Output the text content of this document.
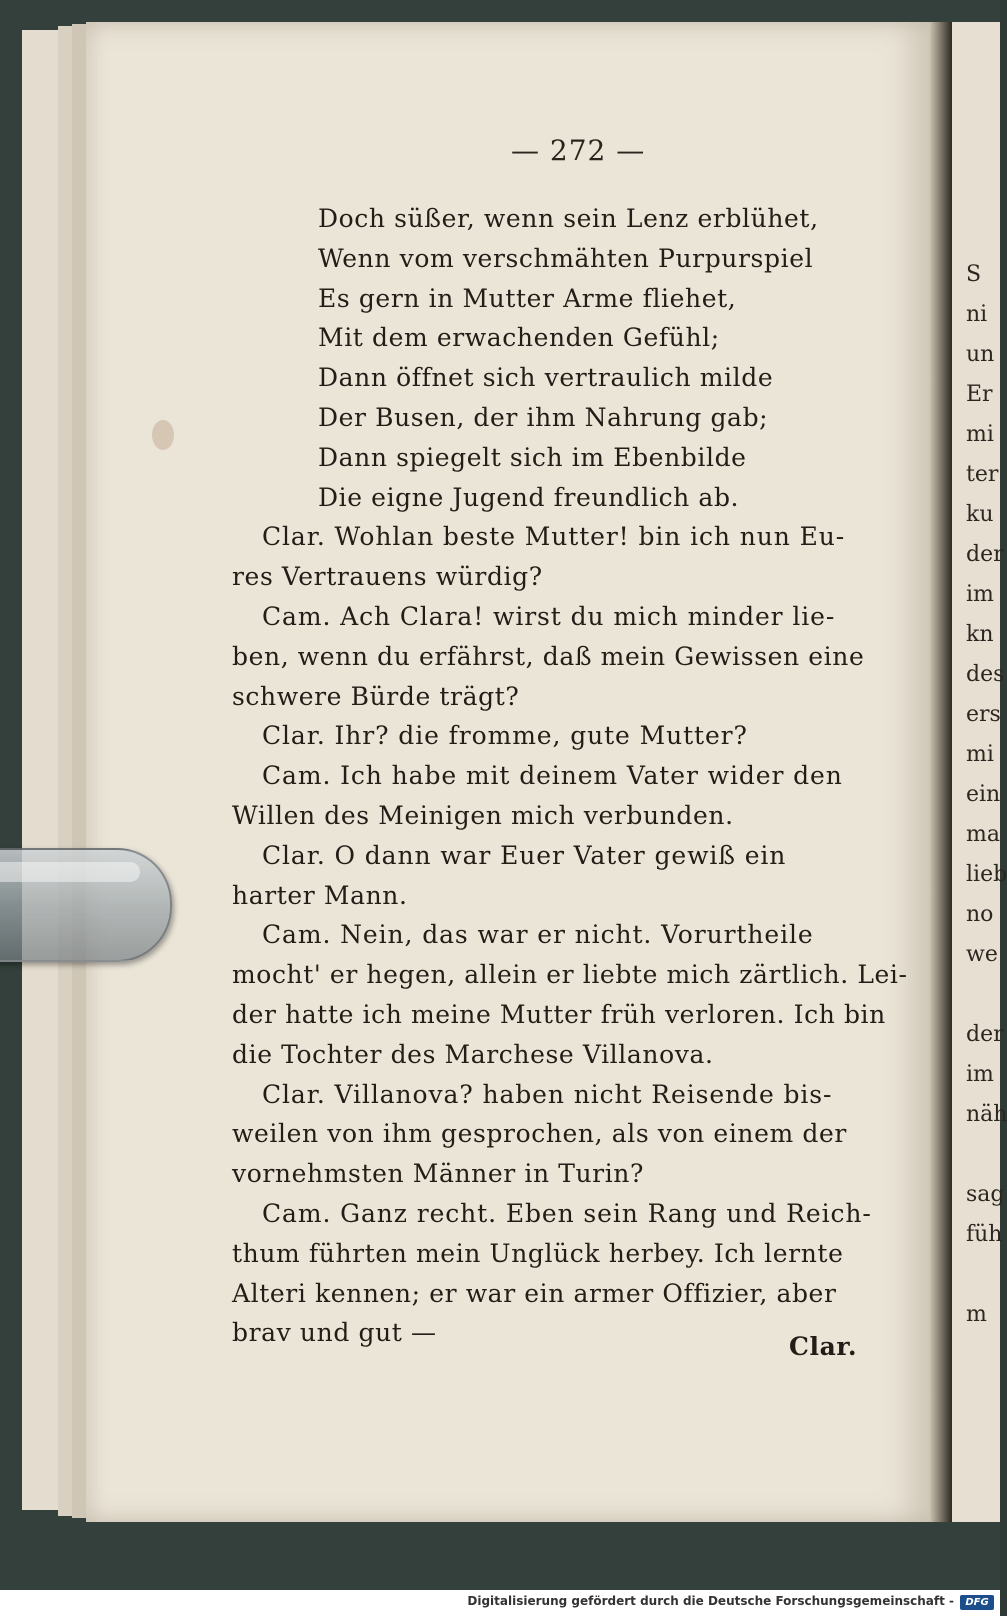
— 272 —
Doch süßer, wenn sein Lenz erblühet,
Wenn vom verschmähten Purpurspiel
Es gern in Mutter Arme fliehet,
Mit dem erwachenden Gefühl;
Dann öffnet sich vertraulich milde
Der Busen, der ihm Nahrung gab;
Dann spiegelt sich im Ebenbilde
Die eigne Jugend freundlich ab.
Clar. Wohlan beste Mutter! bin ich nun Eu-
res Vertrauens würdig?
Cam. Ach Clara! wirst du mich minder lie-
ben, wenn du erfährst, daß mein Gewissen eine
schwere Bürde trägt?
Clar. Ihr? die fromme, gute Mutter?
Cam. Ich habe mit deinem Vater wider den
Willen des Meinigen mich verbunden.
Clar. O dann war Euer Vater gewiß ein
harter Mann.
Cam. Nein, das war er nicht. Vorurtheile
mocht' er hegen, allein er liebte mich zärtlich. Lei-
der hatte ich meine Mutter früh verloren. Ich bin
die Tochter des Marchese Villanova.
Clar. Villanova? haben nicht Reisende bis-
weilen von ihm gesprochen, als von einem der
vornehmsten Männer in Turin?
Cam. Ganz recht. Eben sein Rang und Reich-
thum führten mein Unglück herbey. Ich lernte
Alteri kennen; er war ein armer Offizier, aber
brav und gut —	Clar.
S
ni
un
Er
mi
ter
ku
der
im
kn
des
ers
mi
ein
ma
lieb
no
we
der
im
näh
sag
füh
m
Digitalisierung gefördert durch die Deutsche Forschungsgemeinschaft -	DFG
